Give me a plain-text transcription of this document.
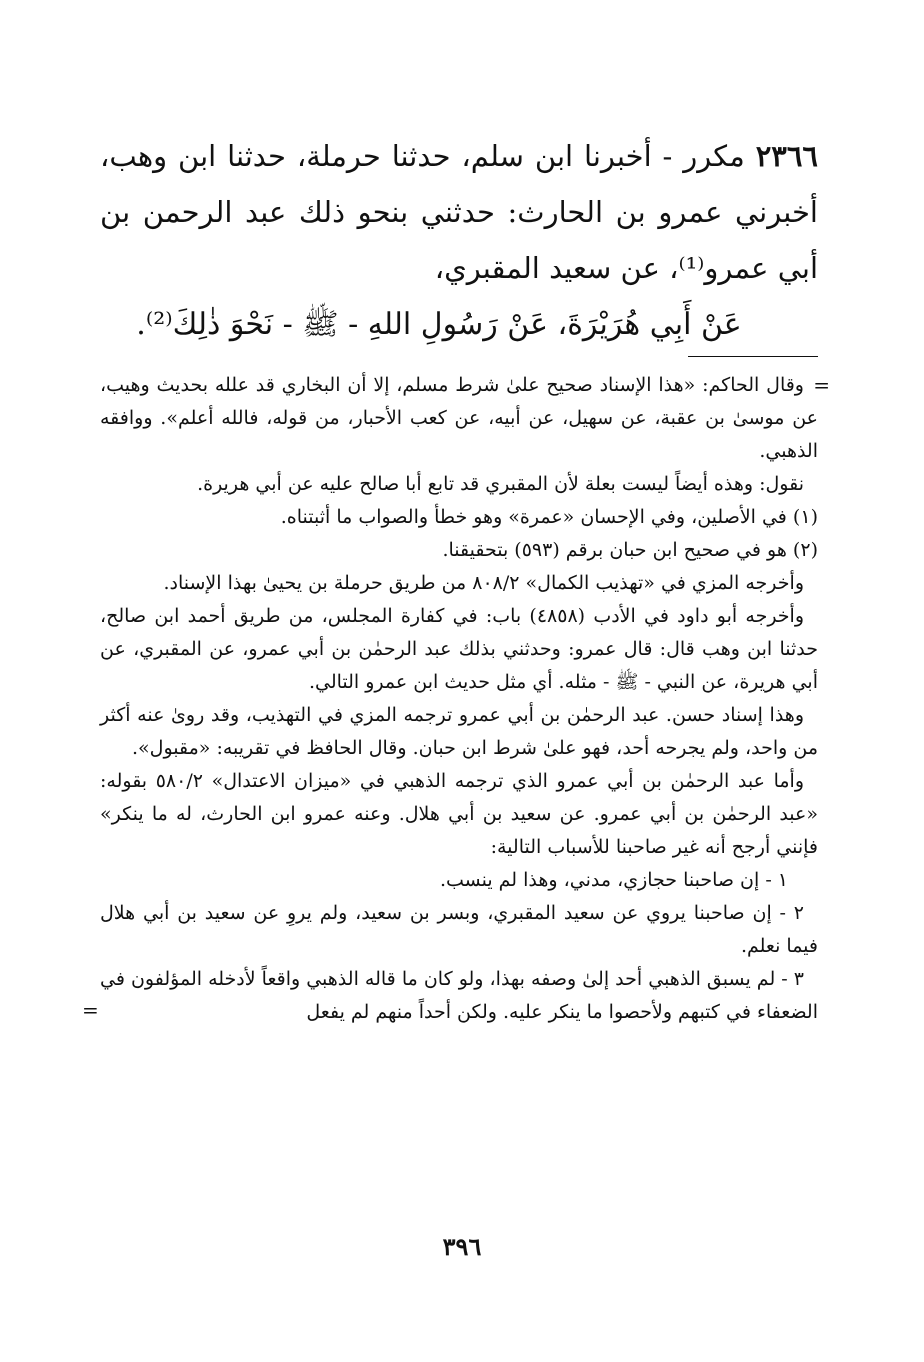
٢٣٦٦ مكرر - أخبرنا ابن سلم، حدثنا حرملة، حدثنا ابن وهب، أخبرني عمرو بن الحارث: حدثني بنحو ذلك عبد الرحمن بن أبي عمرو⁽¹⁾، عن سعيد المقبري،

عَنْ أَبِي هُرَيْرَةَ، عَنْ رَسُولِ اللهِ - ﷺ - نَحْوَ ذٰلِكَ⁽²⁾.

=
وقال الحاكم: «هذا الإسناد صحيح علىٰ شرط مسلم، إلا أن البخاري قد علله بحديث وهيب، عن موسىٰ بن عقبة، عن سهيل، عن أبيه، عن كعب الأحبار، من قوله، فالله أعلم». ووافقه الذهبي.

نقول: وهذه أيضاً ليست بعلة لأن المقبري قد تابع أبا صالح عليه عن أبي هريرة.

(١) في الأصلين، وفي الإحسان «عمرة» وهو خطأ والصواب ما أثبتناه.

(٢) هو في صحيح ابن حبان برقم (٥٩٣) بتحقيقنا.

وأخرجه المزي في «تهذيب الكمال» ٨٠٨/٢ من طريق حرملة بن يحيىٰ بهذا الإسناد.

وأخرجه أبو داود في الأدب (٤٨٥٨) باب: في كفارة المجلس، من طريق أحمد ابن صالح، حدثنا ابن وهب قال: قال عمرو: وحدثني بذلك عبد الرحمٰن بن أبي عمرو، عن المقبري، عن أبي هريرة، عن النبي - ﷺ - مثله. أي مثل حديث ابن عمرو التالي.

وهذا إسناد حسن. عبد الرحمٰن بن أبي عمرو ترجمه المزي في التهذيب، وقد روىٰ عنه أكثر من واحد، ولم يجرحه أحد، فهو علىٰ شرط ابن حبان. وقال الحافظ في تقريبه: «مقبول».

وأما عبد الرحمٰن بن أبي عمرو الذي ترجمه الذهبي في «ميزان الاعتدال» ٥٨٠/٢ بقوله: «عبد الرحمٰن بن أبي عمرو. عن سعيد بن أبي هلال. وعنه عمرو ابن الحارث، له ما ينكر» فإنني أرجح أنه غير صاحبنا للأسباب التالية:

١ - إن صاحبنا حجازي، مدني، وهذا لم ينسب.

٢ - إن صاحبنا يروي عن سعيد المقبري، وبسر بن سعيد، ولم يروِ عن سعيد بن أبي هلال فيما نعلم.

٣ - لم يسبق الذهبي أحد إلىٰ وصفه بهذا، ولو كان ما قاله الذهبي واقعاً لأدخله المؤلفون في الضعفاء في كتبهم ولأحصوا ما ينكر عليه. ولكن أحداً منهم لم يفعل
=

٣٩٦
